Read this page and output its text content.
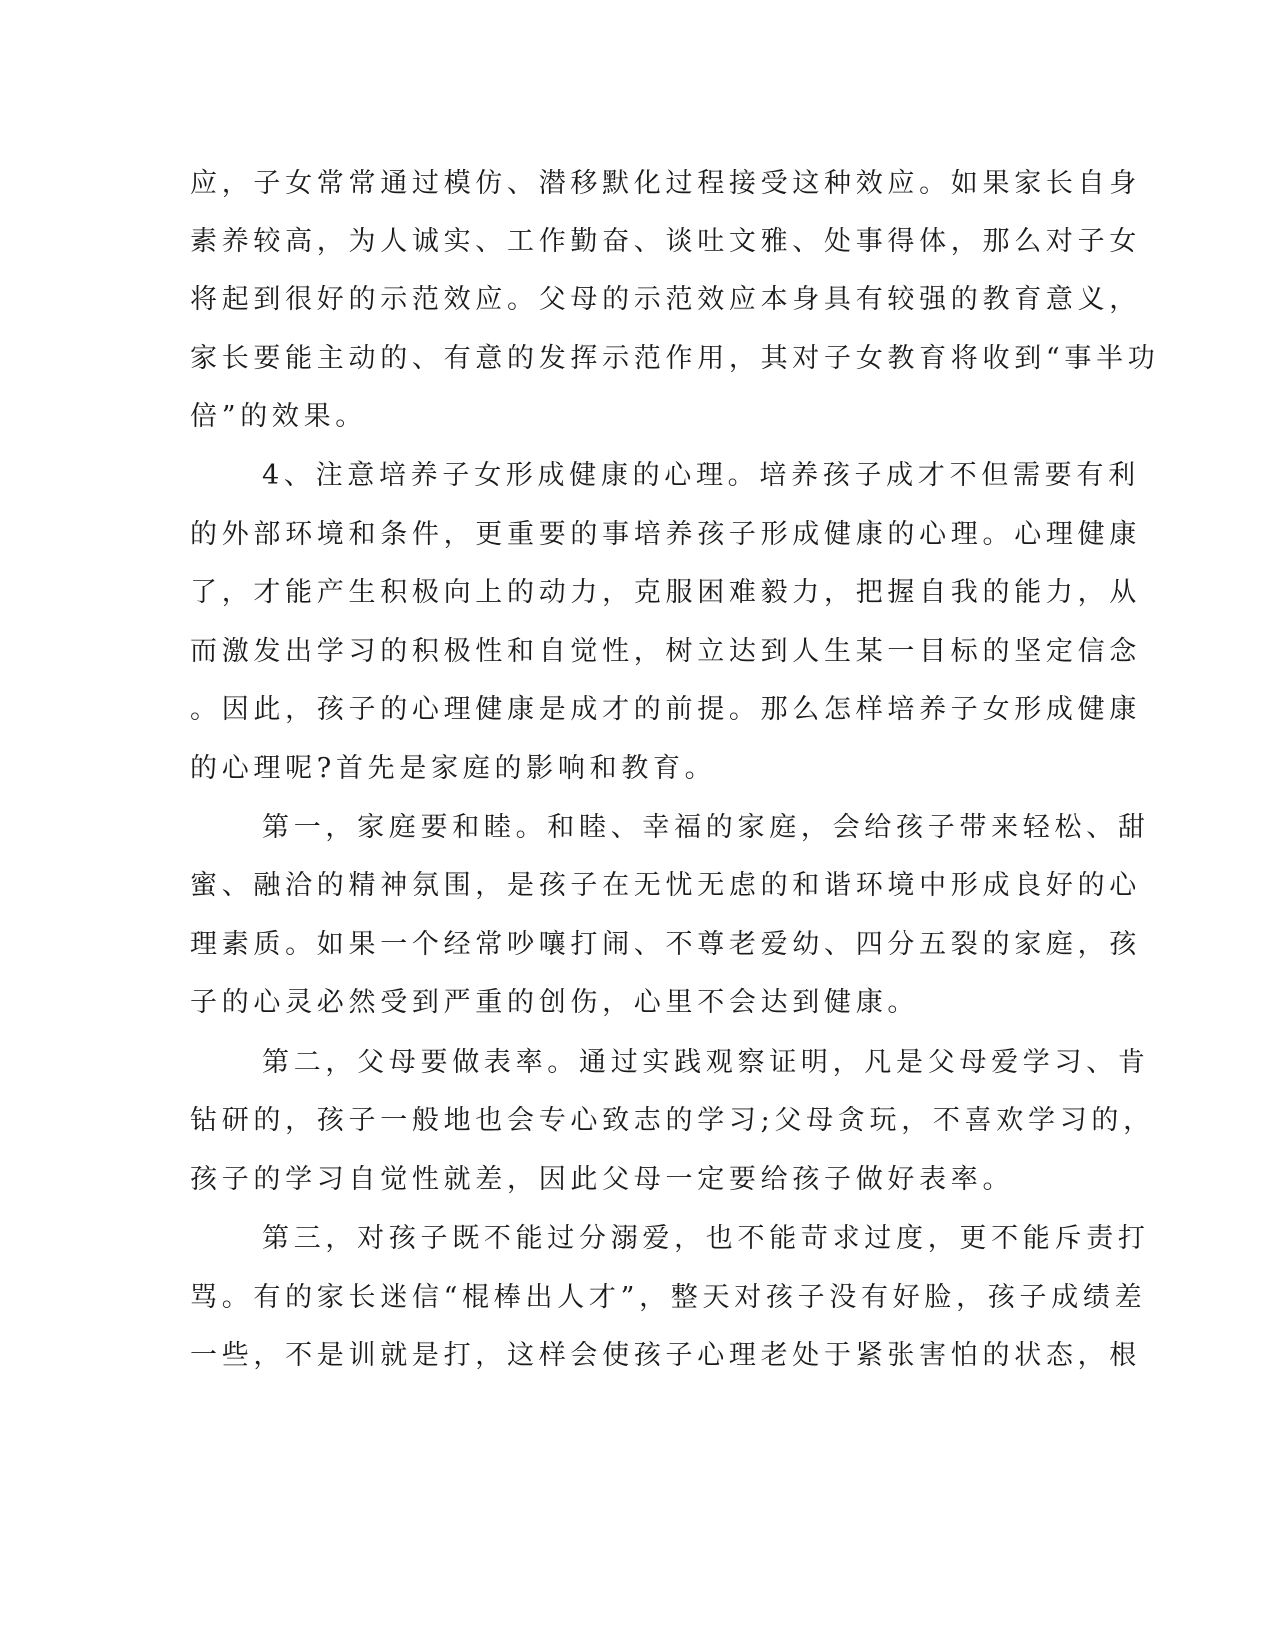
应，子女常常通过模仿、潜移默化过程接受这种效应。如果家长自身

素养较高，为人诚实、工作勤奋、谈吐文雅、处事得体，那么对子女

将起到很好的示范效应。父母的示范效应本身具有较强的教育意义，

家长要能主动的、有意的发挥示范作用，其对子女教育将收到“事半功

倍”的效果。

4、注意培养子女形成健康的心理。培养孩子成才不但需要有利

的外部环境和条件，更重要的事培养孩子形成健康的心理。心理健康

了，才能产生积极向上的动力，克服困难毅力，把握自我的能力，从

而激发出学习的积极性和自觉性，树立达到人生某一目标的坚定信念

。因此，孩子的心理健康是成才的前提。那么怎样培养子女形成健康

的心理呢?首先是家庭的影响和教育。

第一，家庭要和睦。和睦、幸福的家庭，会给孩子带来轻松、甜

蜜、融洽的精神氛围，是孩子在无忧无虑的和谐环境中形成良好的心

理素质。如果一个经常吵嚷打闹、不尊老爱幼、四分五裂的家庭，孩

子的心灵必然受到严重的创伤，心里不会达到健康。

第二，父母要做表率。通过实践观察证明，凡是父母爱学习、肯

钻研的，孩子一般地也会专心致志的学习;父母贪玩，不喜欢学习的，

孩子的学习自觉性就差，因此父母一定要给孩子做好表率。

第三，对孩子既不能过分溺爱，也不能苛求过度，更不能斥责打

骂。有的家长迷信“棍棒出人才”，整天对孩子没有好脸，孩子成绩差

一些，不是训就是打，这样会使孩子心理老处于紧张害怕的状态，根
